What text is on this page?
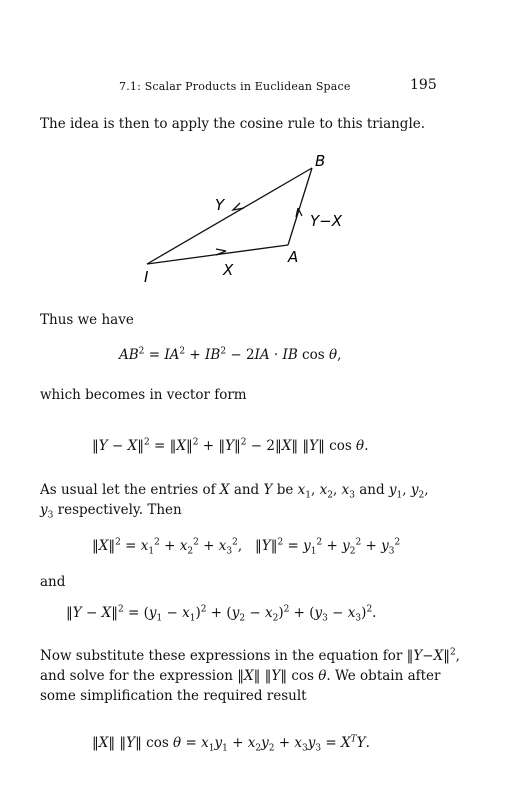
7.1: Scalar Products in Euclidean Space	195
The idea is then to apply the cosine rule to this triangle.
B
Y
Y−X
A
I	X
Thus we have
$AB^2 = IA^2 + IB^2 - 2IA$ · IB cos θ,
which becomes in vector form
‖Y − X‖$^2$ = ‖X‖$^2$ + ‖Y‖$^2$ − 2‖X‖ ‖Y‖ cos θ.
As usual let the entries of X and Y be $x_1$, $x_2$, $x_3$ and $y_1$, $y_2$,
$y_3$ respectively. Then
‖X‖$^2$ = $x_1^2 + x_2^2 + x_3^2$,   ‖Y‖$^2$ = $y_1^2 + y_2^2 + y_3^2$
and
‖Y − X‖$^2$ = $(y_1 - x_1)^2 + (y_2 - x_2)^2 + (y_3 - x_3)^2$.
Now substitute these expressions in the equation for ‖Y−X‖$^2$,
and solve for the expression ‖X‖ ‖Y‖ cos θ. We obtain after
some simplification the required result
‖X‖ ‖Y‖ $\cos \theta = x_1y_1 + x_2y_2 + x_3y_3 = X^TY$.
